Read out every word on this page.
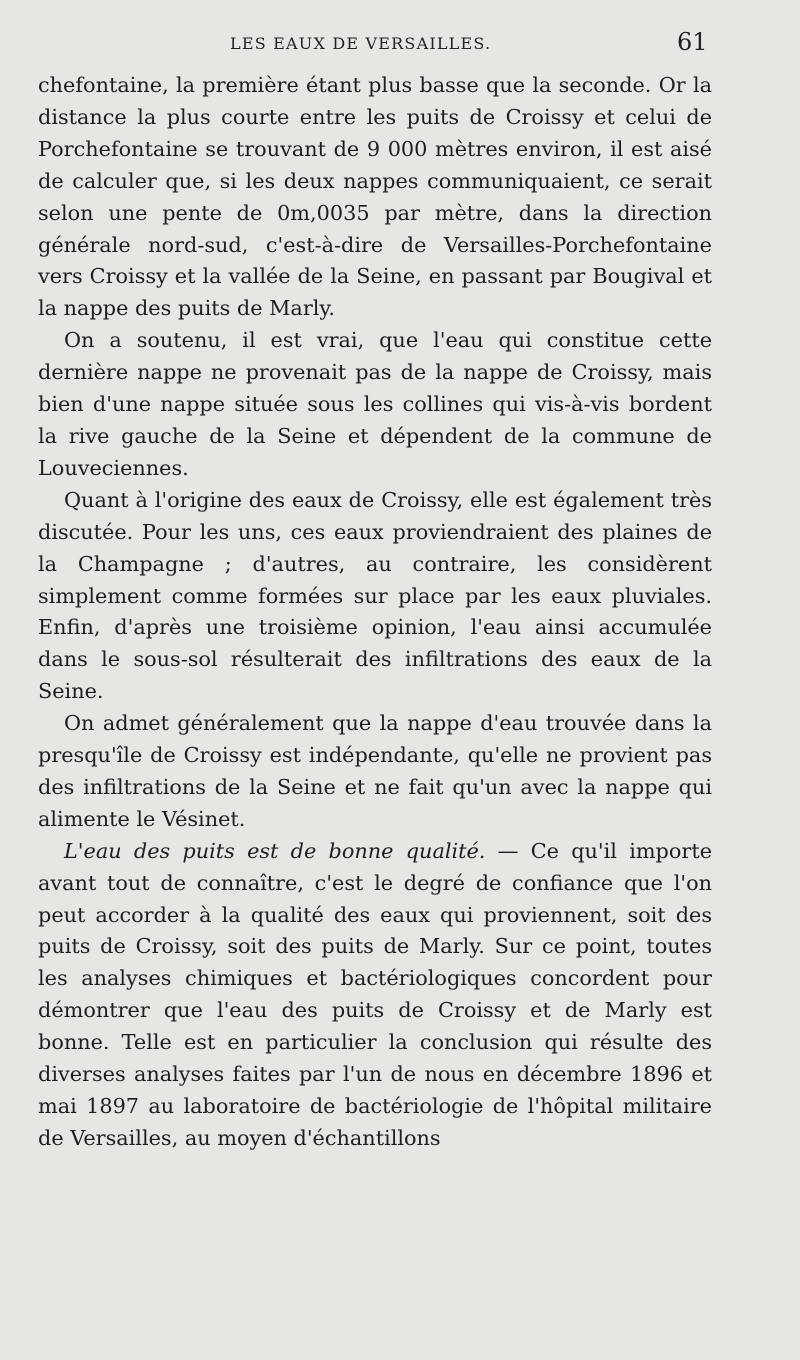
LES EAUX DE VERSAILLES.	61

chefontaine, la première étant plus basse que la seconde. Or la distance la plus courte entre les puits de Croissy et celui de Porchefontaine se trouvant de 9 000 mètres environ, il est aisé de calculer que, si les deux nappes communiquaient, ce serait selon une pente de 0m,0035 par mètre, dans la direction générale nord-sud, c'est-à-dire de Versailles-Porchefontaine vers Croissy et la vallée de la Seine, en passant par Bougival et la nappe des puits de Marly.

On a soutenu, il est vrai, que l'eau qui constitue cette dernière nappe ne provenait pas de la nappe de Croissy, mais bien d'une nappe située sous les collines qui vis-à-vis bordent la rive gauche de la Seine et dépendent de la commune de Louveciennes.

Quant à l'origine des eaux de Croissy, elle est également très discutée. Pour les uns, ces eaux proviendraient des plaines de la Champagne ; d'autres, au contraire, les considèrent simplement comme formées sur place par les eaux pluviales. Enfin, d'après une troisième opinion, l'eau ainsi accumulée dans le sous-sol résulterait des infiltrations des eaux de la Seine.

On admet généralement que la nappe d'eau trouvée dans la presqu'île de Croissy est indépendante, qu'elle ne provient pas des infiltrations de la Seine et ne fait qu'un avec la nappe qui alimente le Vésinet.

L'eau des puits est de bonne qualité. — Ce qu'il importe avant tout de connaître, c'est le degré de confiance que l'on peut accorder à la qualité des eaux qui proviennent, soit des puits de Croissy, soit des puits de Marly. Sur ce point, toutes les analyses chimiques et bactériologiques concordent pour démontrer que l'eau des puits de Croissy et de Marly est bonne. Telle est en particulier la conclusion qui résulte des diverses analyses faites par l'un de nous en décembre 1896 et mai 1897 au laboratoire de bactériologie de l'hôpital militaire de Versailles, au moyen d'échantillons
